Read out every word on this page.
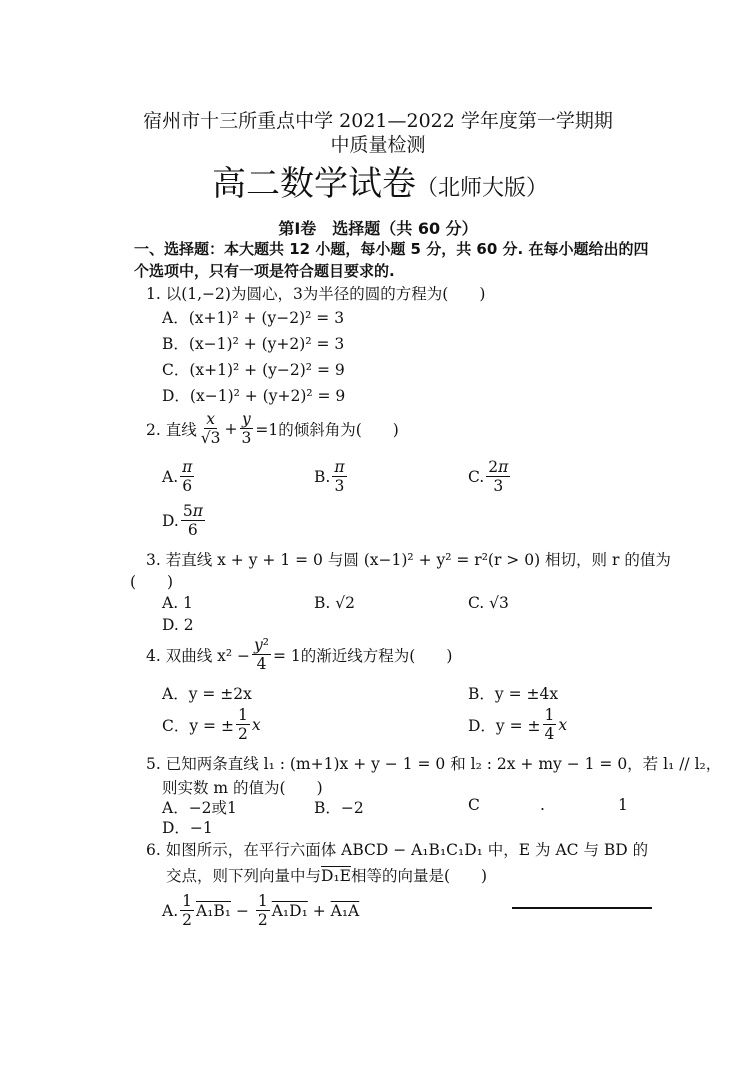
宿州市十三所重点中学 2021—2022 学年度第一学期期
中质量检测
高二数学试卷（北师大版）
第Ⅰ卷　选择题（共 60 分）
一、选择题：本大题共 12 小题，每小题 5 分，共 60 分. 在每小题给出的四个选项中，只有一项是符合题目要求的.
1. 以(1,−2)为圆心，3为半径的圆的方程为(　　)
A．(x+1)² + (y−2)² = 3
B．(x−1)² + (y+2)² = 3
C．(x+1)² + (y−2)² = 9
D．(x−1)² + (y+2)² = 9
2. 直线 $\frac{x}{√3} + \frac{y}{3} =1$的倾斜角为(　　)
A. $\frac{\pi}{6}$	B. $\frac{\pi}{3}$	C. $\frac{2\pi}{3}$
D. $\frac{5\pi}{6}$
3. 若直线 x + y + 1 = 0 与圆 (x−1)² + y² = r²(r > 0) 相切，则 r 的值为
(　　)
A. 1	B. √2	C. √3
D. 2
4. 双曲线 $x^2 - \frac{\text{y²}}{4} = 1$的渐近线方程为(　　)
A．y = ±2x	B．y = ±4x
C．y = ± $\frac{1}{2}$ x	D．y = ± $\frac{1}{4}$ x
5. 已知两条直线 l₁ : (m+1)x + y − 1 = 0 和 l₂ : 2x + my − 1 = 0，若 l₁ // l₂，
则实数 m 的值为(　　)
A．−2或1	B．−2	C	.	1
D．−1
6. 如图所示，在平行六面体 ABCD − A₁B₁C₁D₁ 中，E 为 AC 与 BD 的
交点，则下列向量中与D₁E相等的向量是(　　)
A. $\frac{1}{2} A_1B_1 - \frac{1}{2} A_1D_1 + A_1A$
